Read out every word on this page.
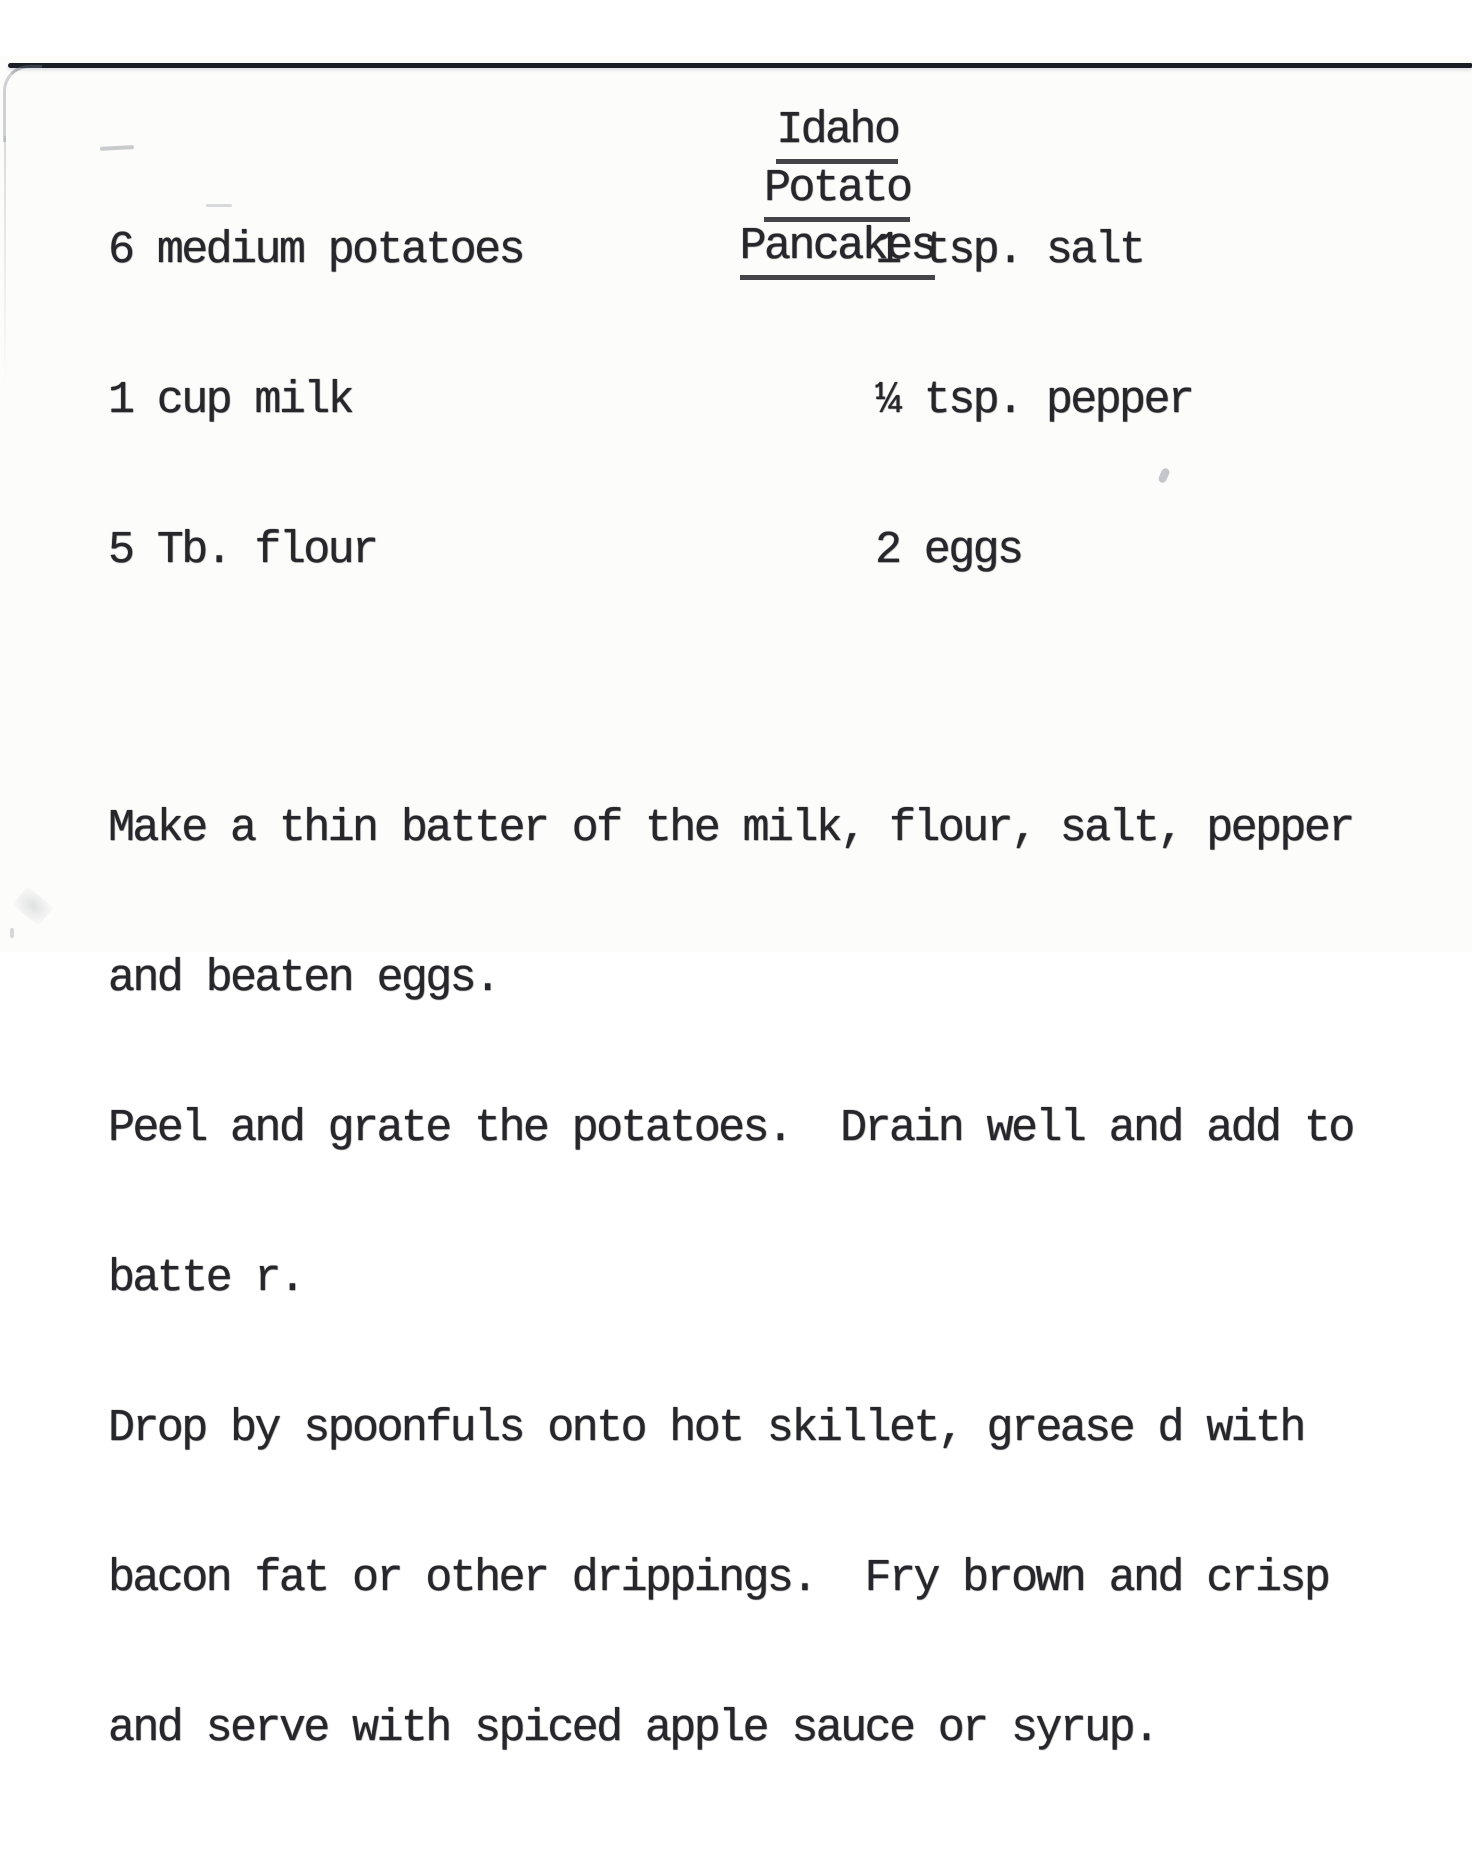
Idaho
Potato
Pancakes

6 medium potatoes

1 cup milk

5 Tb. flour

1 tsp. salt

¼ tsp. pepper

2 eggs

Make a thin batter of the milk, flour, salt, pepper

and beaten eggs.

Peel and grate the potatoes.  Drain well and add to

batte r.

Drop by spoonfuls onto hot skillet, grease d with

bacon fat or other drippings.  Fry brown and crisp

and serve with spiced apple sauce or syrup.
